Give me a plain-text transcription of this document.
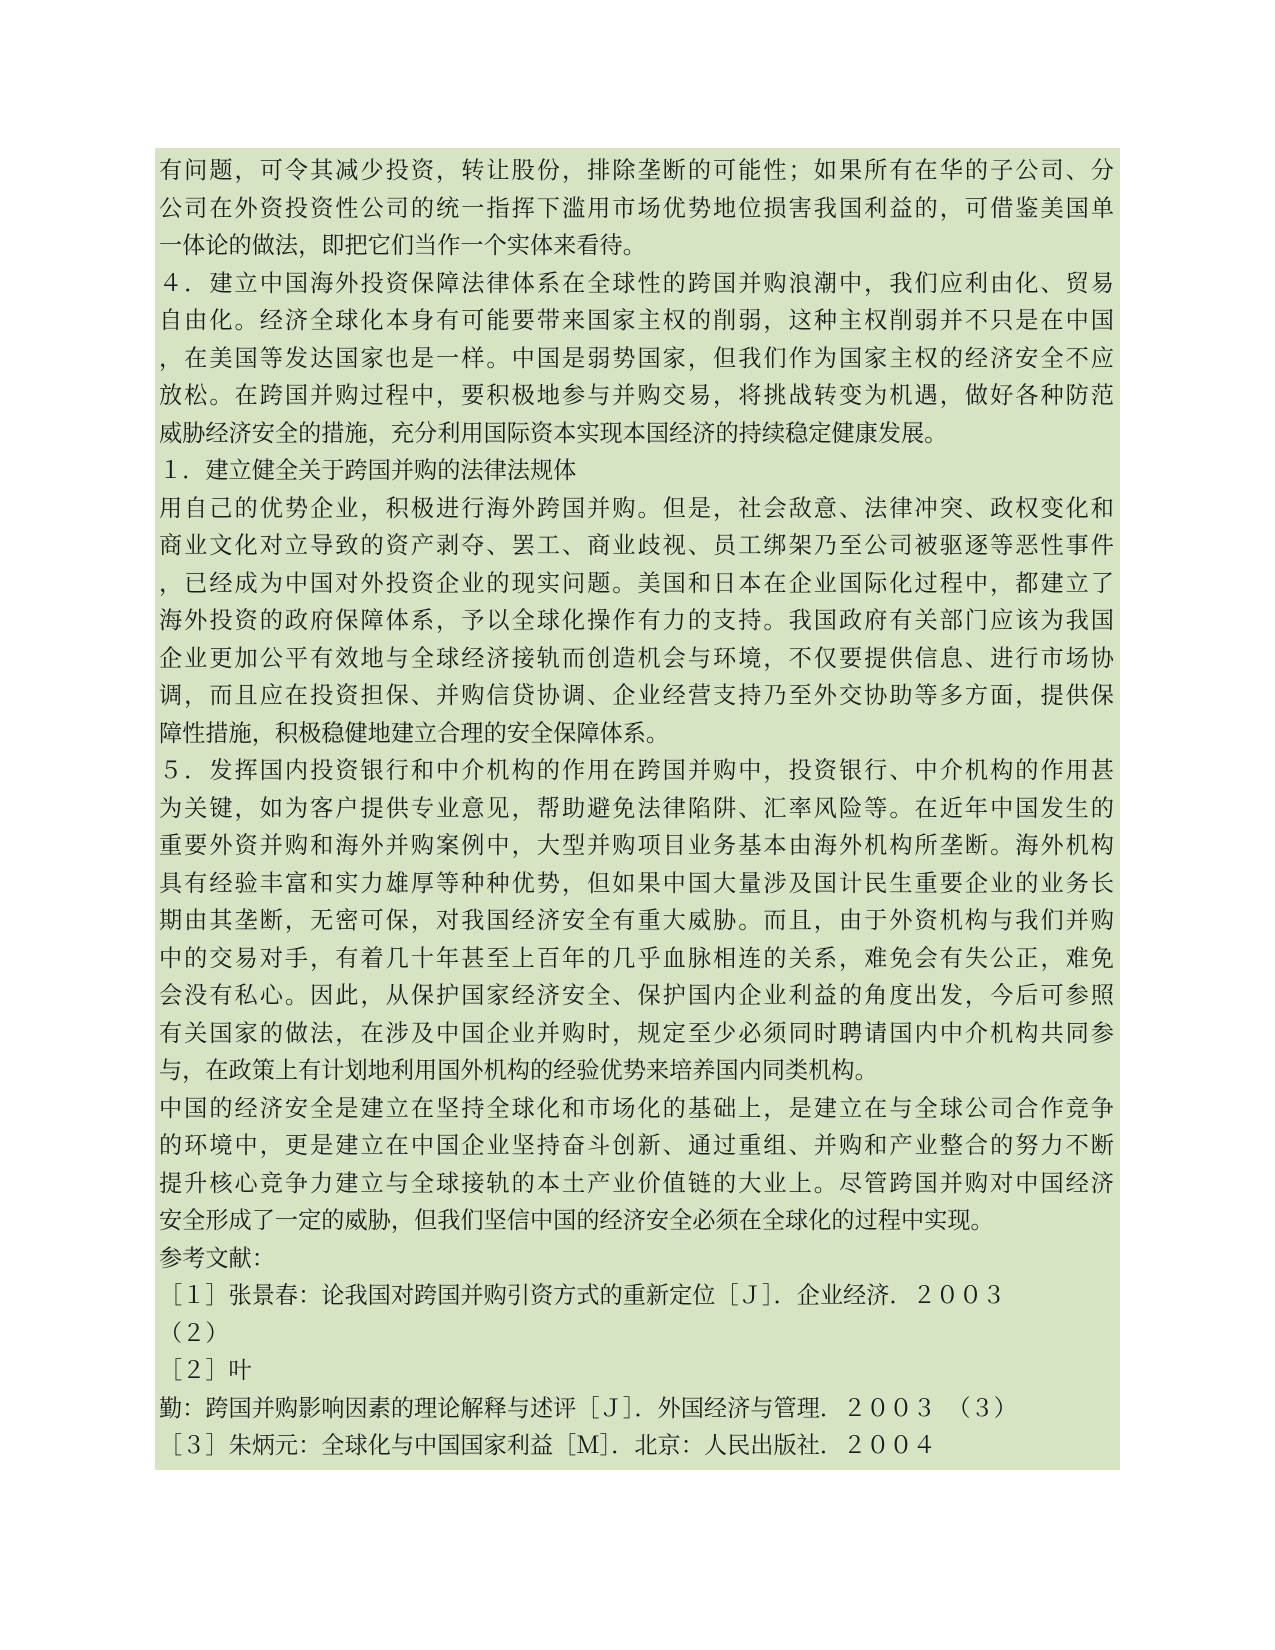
有问题，可令其减少投资，转让股份，排除垄断的可能性；如果所有在华的子公司、分
公司在外资投资性公司的统一指挥下滥用市场优势地位损害我国利益的，可借鉴美国单
一体论的做法，即把它们当作一个实体来看待。
４．建立中国海外投资保障法律体系在全球性的跨国并购浪潮中，我们应利由化、贸易
自由化。经济全球化本身有可能要带来国家主权的削弱，这种主权削弱并不只是在中国
，在美国等发达国家也是一样。中国是弱势国家，但我们作为国家主权的经济安全不应
放松。在跨国并购过程中，要积极地参与并购交易，将挑战转变为机遇，做好各种防范
威胁经济安全的措施，充分利用国际资本实现本国经济的持续稳定健康发展。
１．建立健全关于跨国并购的法律法规体
用自己的优势企业，积极进行海外跨国并购。但是，社会敌意、法律冲突、政权变化和
商业文化对立导致的资产剥夺、罢工、商业歧视、员工绑架乃至公司被驱逐等恶性事件
，已经成为中国对外投资企业的现实问题。美国和日本在企业国际化过程中，都建立了
海外投资的政府保障体系，予以全球化操作有力的支持。我国政府有关部门应该为我国
企业更加公平有效地与全球经济接轨而创造机会与环境，不仅要提供信息、进行市场协
调，而且应在投资担保、并购信贷协调、企业经营支持乃至外交协助等多方面，提供保
障性措施，积极稳健地建立合理的安全保障体系。
５．发挥国内投资银行和中介机构的作用在跨国并购中，投资银行、中介机构的作用甚
为关键，如为客户提供专业意见，帮助避免法律陷阱、汇率风险等。在近年中国发生的
重要外资并购和海外并购案例中，大型并购项目业务基本由海外机构所垄断。海外机构
具有经验丰富和实力雄厚等种种优势，但如果中国大量涉及国计民生重要企业的业务长
期由其垄断，无密可保，对我国经济安全有重大威胁。而且，由于外资机构与我们并购
中的交易对手，有着几十年甚至上百年的几乎血脉相连的关系，难免会有失公正，难免
会没有私心。因此，从保护国家经济安全、保护国内企业利益的角度出发，今后可参照
有关国家的做法，在涉及中国企业并购时，规定至少必须同时聘请国内中介机构共同参
与，在政策上有计划地利用国外机构的经验优势来培养国内同类机构。
中国的经济安全是建立在坚持全球化和市场化的基础上，是建立在与全球公司合作竞争
的环境中，更是建立在中国企业坚持奋斗创新、通过重组、并购和产业整合的努力不断
提升核心竞争力建立与全球接轨的本土产业价值链的大业上。尽管跨国并购对中国经济
安全形成了一定的威胁，但我们坚信中国的经济安全必须在全球化的过程中实现。
参考文献：
［１］张景春：论我国对跨国并购引资方式的重新定位［Ｊ］．企业经济．２００３
（２）
［２］叶
勤：跨国并购影响因素的理论解释与述评［Ｊ］．外国经济与管理．２００３　（３）
［３］朱炳元：全球化与中国国家利益［Ｍ］．北京：人民出版社．２００４
